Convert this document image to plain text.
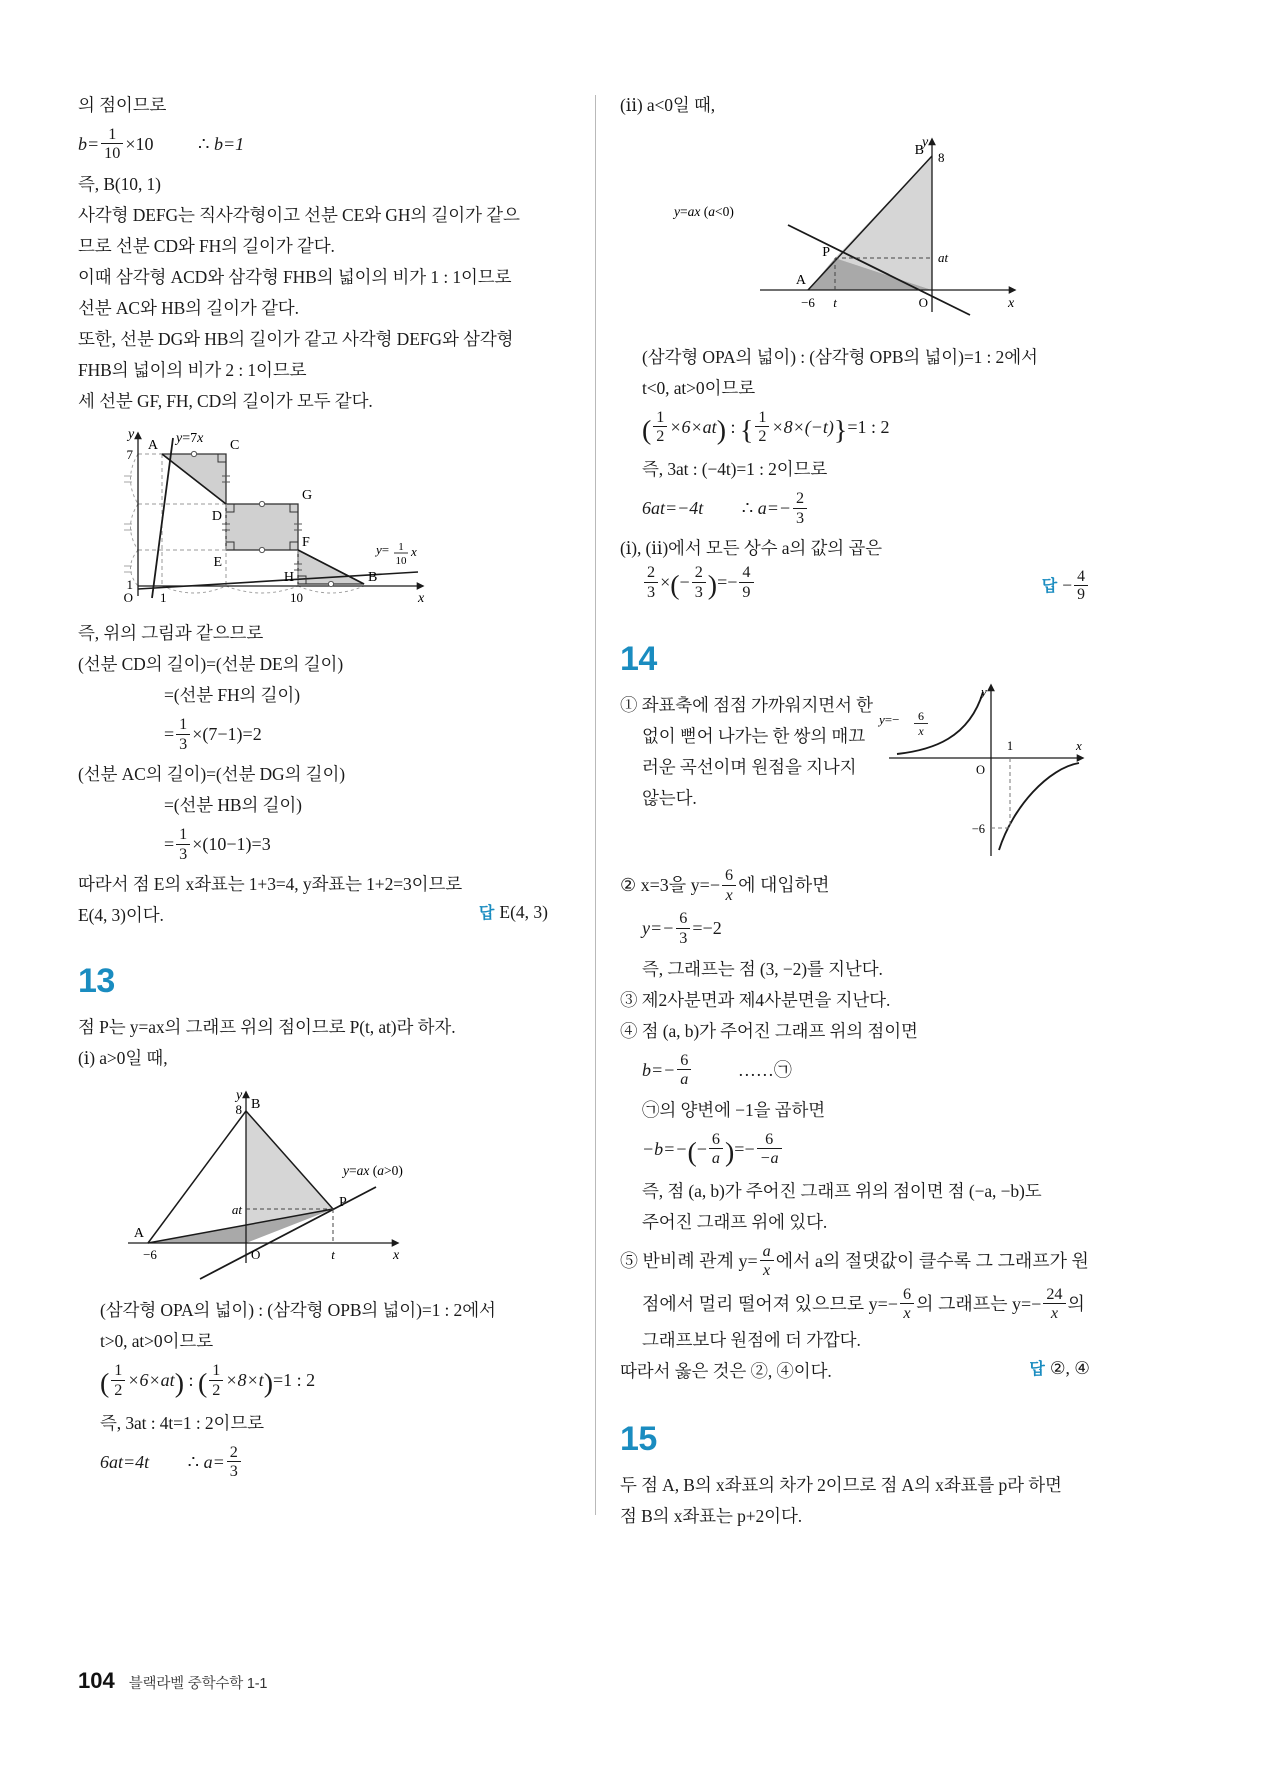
의 점이므로
$b= \frac{1}{10} \times 10$ ∴ b=1
즉, B(10, 1)
사각형 DEFG는 직사각형이고 선분 CE와 GH의 길이가 같으
므로 선분 CD와 FH의 길이가 같다.
이때 삼각형 ACD와 삼각형 FHB의 넓이의 비가 1 : 1이므로
선분 AC와 HB의 길이가 같다.
또한, 선분 DG와 HB의 길이가 같고 사각형 DEFG와 삼각형
FHB의 넓이의 비가 2 : 1이므로
세 선분 GF, FH, CD의 길이가 모두 같다.
A	C
D
G
E
F
H	B
7
1
O 1	10	x
y	y=7x
y= 1
10
x
즉, 위의 그림과 같으므로
(선분 CD의 길이)=(선분 DE의 길이)
=(선분 FH의 길이)
= $\frac{1}{3} \times(7-1)=2$
(선분 AC의 길이)=(선분 DG의 길이)
=(선분 HB의 길이)
= $\frac{1}{3} \times(10-1)=3$
따라서 점 E의 x좌표는 1+3=4, y좌표는 1+2=3이므로
E(4, 3)이다.	답 E(4, 3)
13
점 P는 y=ax의 그래프 위의 점이므로 P(t, at)라 하자.
(ⅰ) a>0일 때,
B
8
A
−6
P
at
O	t	x
y
y=ax (a>0)
(삼각형 OPA의 넓이) : (삼각형 OPB의 넓이)=1 : 2에서
t>0, at>0이므로
( $\frac{1}{2} \times 6\times at$) : ( $\frac{1}{2} \times 8\times t)=1$ : 2
즉, 3at : 4t=1 : 2이므로
6at=4t ∴ $a= \frac{2}{3}$
(ⅱ) a<0일 때,
B 8
A
−6
P	at
t	O	x
y
y=ax (a<0)
(삼각형 OPA의 넓이) : (삼각형 OPB의 넓이)=1 : 2에서
t<0, at>0이므로
( $\frac{1}{2} \times 6\times at$) : { $\frac{1}{2} \times 8\times(-t)\}=1$ : 2
즉, 3at : (−4t)=1 : 2이므로
6at=−4t ∴ $a=- \frac{2}{3}$
(ⅰ), (ⅱ)에서 모든 상수 a의 값의 곱은
$\frac{2}{3}$ ×(− $\frac{2}{3}$ )=− $\frac{4}{9}$	답 − $\frac{4}{9}$
14
y
x
O
1
−6
y=− 6
x
① 좌표축에 점점 가까워지면서 한
없이 뻗어 나가는 한 쌍의 매끄
러운 곡선이며 원점을 지나지
않는다.
② x=3을 $y=- \frac{6}{x}$ 에 대입하면
$y=- \frac{6}{3} =-2$
즉, 그래프는 점 (3, −2)를 지난다.
③ 제2사분면과 제4사분면을 지난다.
④ 점 (a, b)가 주어진 그래프 위의 점이면
$b=- \frac{6}{a}$	……㉠
㉠의 양변에 −1을 곱하면
$-b=-(- \frac{6}{a}$ )=− $\frac{6}{-a}$
즉, 점 (a, b)가 주어진 그래프 위의 점이면 점 (−a, −b)도
주어진 그래프 위에 있다.
⑤ 반비례 관계 $y= \frac{a}{x}$ 에서 a의 절댓값이 클수록 그 그래프가 원
점에서 멀리 떨어져 있으므로 $y=- \frac{6}{x}$ 의 그래프는 $y=- \frac{24}{x}$ 의
그래프보다 원점에 더 가깝다.
따라서 옳은 것은 ②, ④이다.	답 ②, ④
15
두 점 A, B의 x좌표의 차가 2이므로 점 A의 x좌표를 p라 하면
점 B의 x좌표는 p+2이다.
104 블랙라벨 중학수학 1-1
